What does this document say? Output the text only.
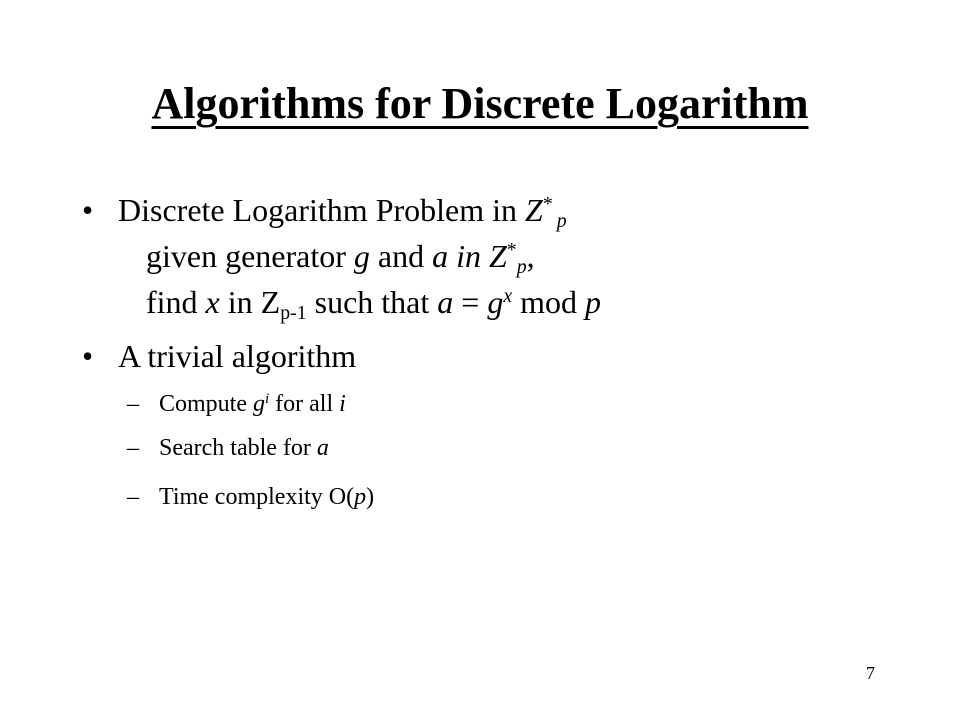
Algorithms for Discrete Logarithm
• Discrete Logarithm Problem in $Z^*_p$
given generator g and a in $Z^*_p$,
find x in $Z_{p-1}$ such that $a = g^x$ mod p
• A trivial algorithm
– Compute $g^i$ for all i
– Search table for a
– Time complexity O(p)
7
